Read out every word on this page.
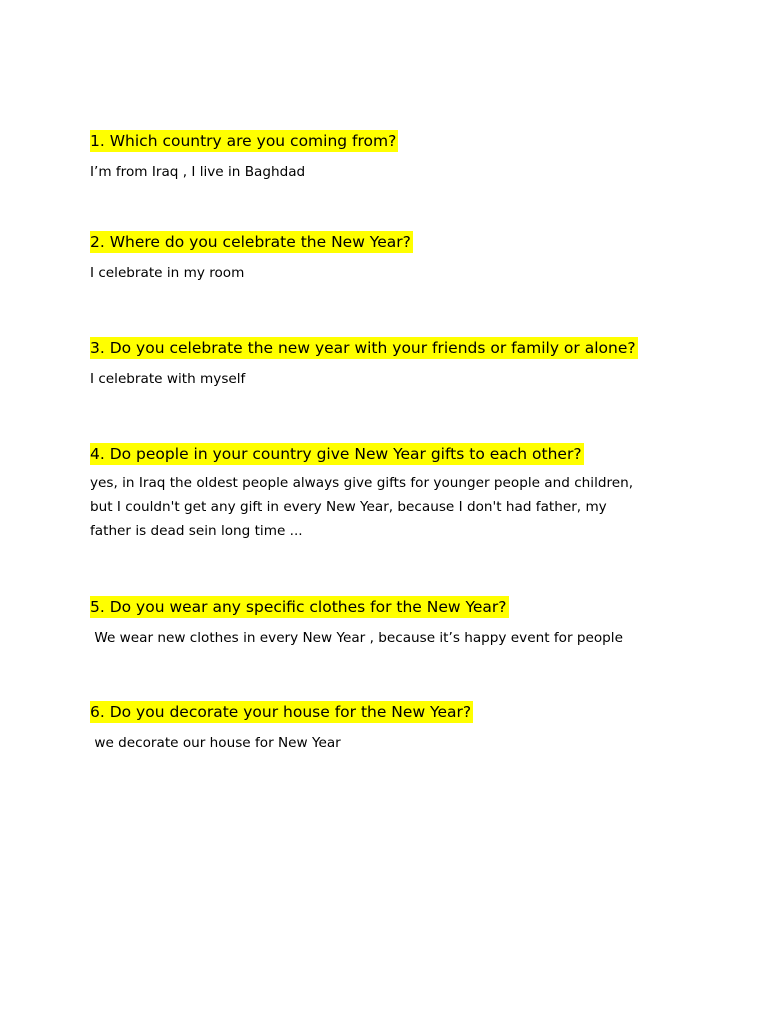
1. Which country are you coming from?
I’m from Iraq , I live in Baghdad
2. Where do you celebrate the New Year?
I celebrate in my room
3. Do you celebrate the new year with your friends or family or alone?
I celebrate with myself
4. Do people in your country give New Year gifts to each other?
yes, in Iraq the oldest people always give gifts for younger people and children,
but I couldn't get any gift in every New Year, because I don't had father, my
father is dead sein long time ...
5. Do you wear any specific clothes for the New Year?
We wear new clothes in every New Year , because it’s happy event for people
6. Do you decorate your house for the New Year?
we decorate our house for New Year
